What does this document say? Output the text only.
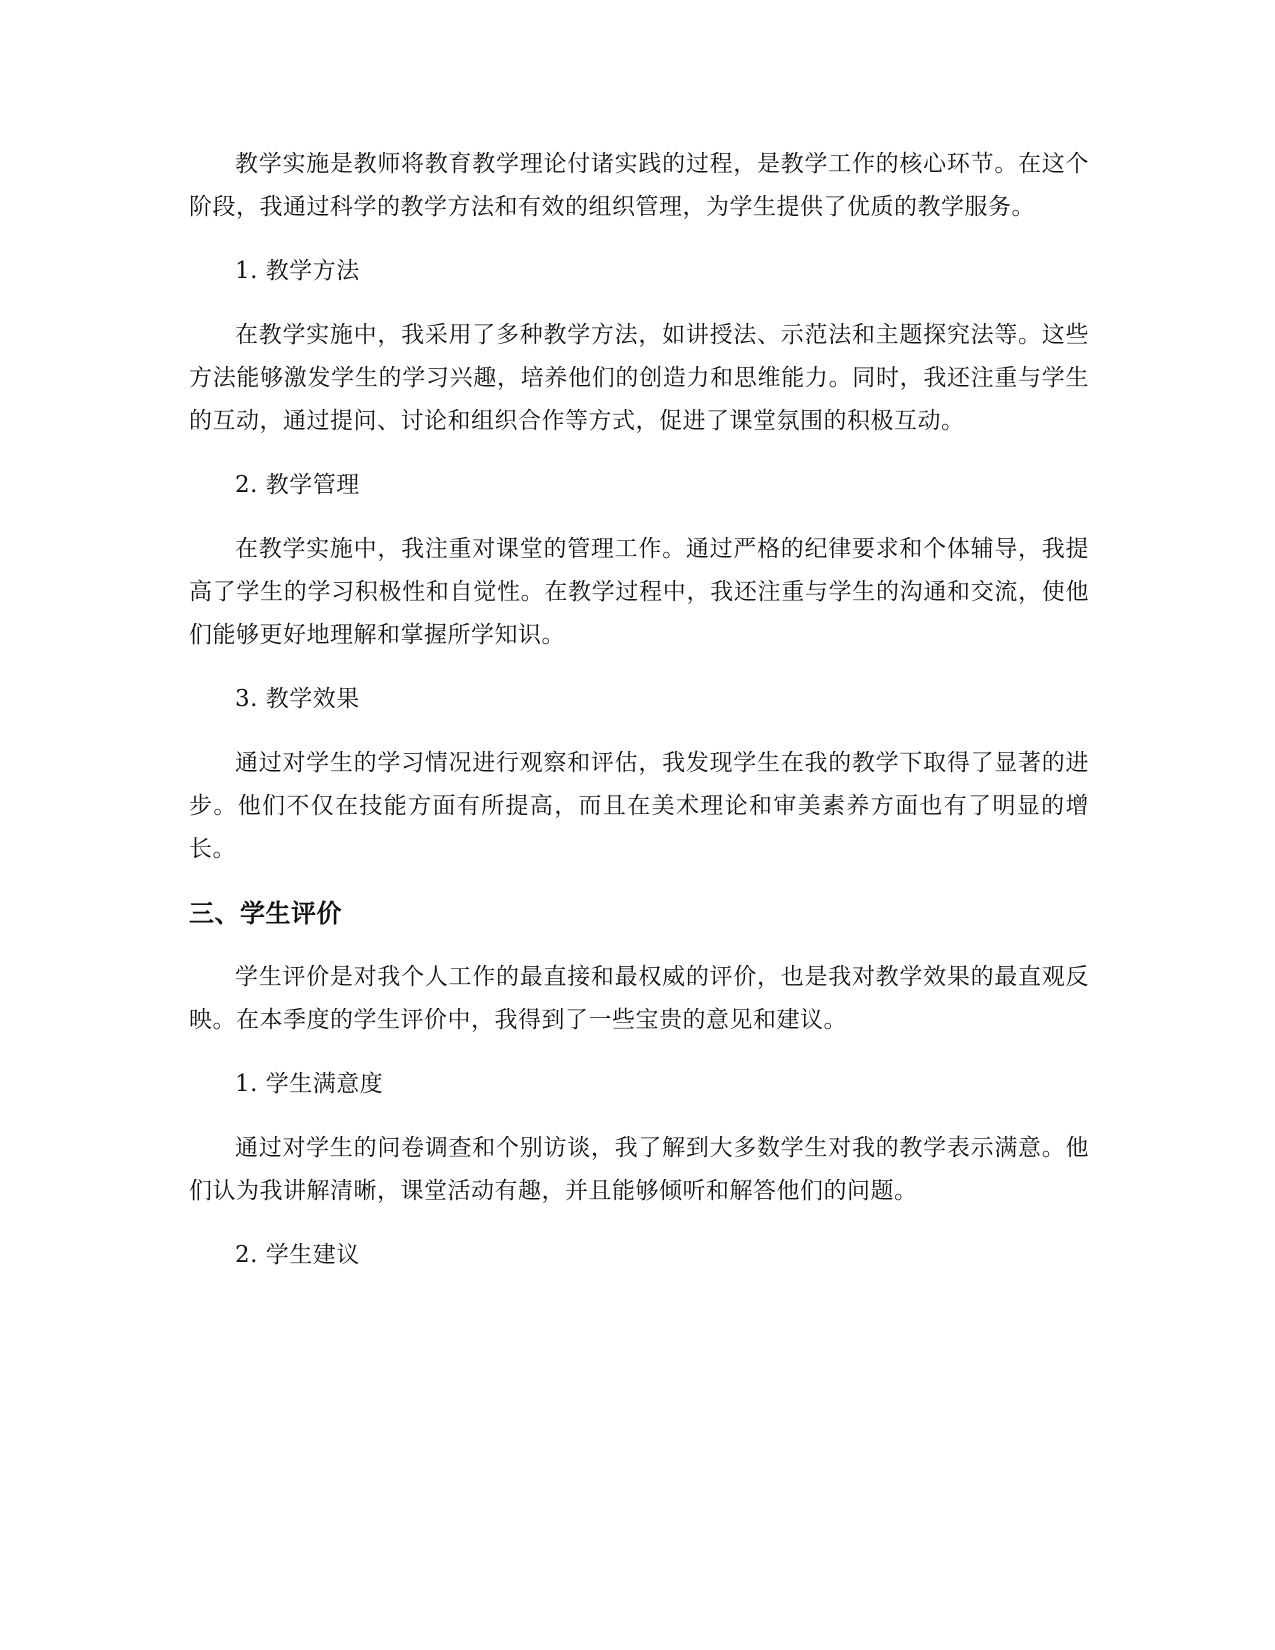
教学实施是教师将教育教学理论付诸实践的过程，是教学工作的核心环节。在这个阶段，我通过科学的教学方法和有效的组织管理，为学生提供了优质的教学服务。

1. 教学方法

在教学实施中，我采用了多种教学方法，如讲授法、示范法和主题探究法等。这些方法能够激发学生的学习兴趣，培养他们的创造力和思维能力。同时，我还注重与学生的互动，通过提问、讨论和组织合作等方式，促进了课堂氛围的积极互动。

2. 教学管理

在教学实施中，我注重对课堂的管理工作。通过严格的纪律要求和个体辅导，我提高了学生的学习积极性和自觉性。在教学过程中，我还注重与学生的沟通和交流，使他们能够更好地理解和掌握所学知识。

3. 教学效果

通过对学生的学习情况进行观察和评估，我发现学生在我的教学下取得了显著的进步。他们不仅在技能方面有所提高，而且在美术理论和审美素养方面也有了明显的增长。

三、学生评价

学生评价是对我个人工作的最直接和最权威的评价，也是我对教学效果的最直观反映。在本季度的学生评价中，我得到了一些宝贵的意见和建议。

1. 学生满意度

通过对学生的问卷调查和个别访谈，我了解到大多数学生对我的教学表示满意。他们认为我讲解清晰，课堂活动有趣，并且能够倾听和解答他们的问题。

2. 学生建议
